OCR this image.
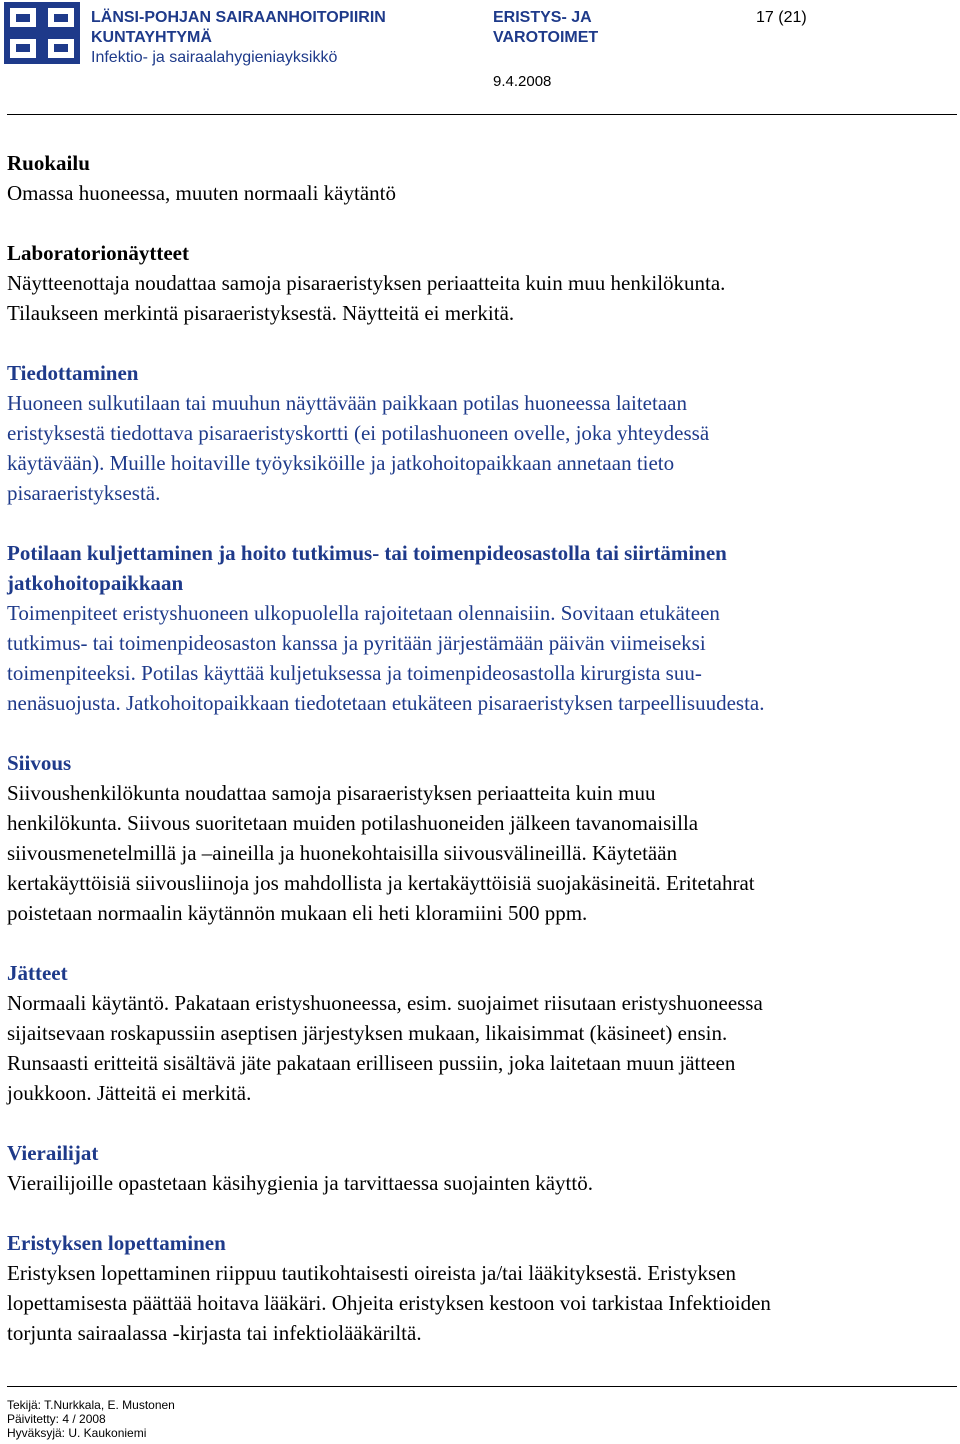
LÄNSI-POHJAN SAIRAANHOITOPIIRIN
KUNTAYHTYMÄ
Infektio- ja sairaalahygieniayksikkö
ERISTYS- JA
VAROTOIMET
17 (21)
9.4.2008
Ruokailu

Omassa huoneessa, muuten normaali käytäntö

Laboratorionäytteet

Näytteenottaja noudattaa samoja pisaraeristyksen periaatteita kuin muu henkilökunta.

Tilaukseen merkintä pisaraeristyksestä. Näytteitä ei merkitä.

Tiedottaminen

Huoneen sulkutilaan tai muuhun näyttävään paikkaan potilas huoneessa laitetaan

eristyksestä tiedottava pisaraeristyskortti (ei potilashuoneen ovelle, joka yhteydessä

käytävään). Muille hoitaville työyksiköille ja jatkohoitopaikkaan annetaan tieto

pisaraeristyksestä.

Potilaan kuljettaminen ja hoito tutkimus- tai toimenpideosastolla tai siirtäminen
jatkohoitopaikkaan

Toimenpiteet eristyshuoneen ulkopuolella rajoitetaan olennaisiin. Sovitaan etukäteen

tutkimus- tai toimenpideosaston kanssa ja pyritään järjestämään päivän viimeiseksi

toimenpiteeksi. Potilas käyttää kuljetuksessa ja toimenpideosastolla kirurgista suu-

nenäsuojusta. Jatkohoitopaikkaan tiedotetaan etukäteen pisaraeristyksen tarpeellisuudesta.

Siivous

Siivoushenkilökunta noudattaa samoja pisaraeristyksen periaatteita kuin muu

henkilökunta. Siivous suoritetaan muiden potilashuoneiden jälkeen tavanomaisilla

siivousmenetelmillä ja –aineilla ja huonekohtaisilla siivousvälineillä. Käytetään

kertakäyttöisiä siivousliinoja jos mahdollista ja kertakäyttöisiä suojakäsineitä. Eritetahrat

poistetaan normaalin käytännön mukaan eli heti kloramiini 500 ppm.

Jätteet

Normaali käytäntö. Pakataan eristyshuoneessa, esim. suojaimet riisutaan eristyshuoneessa

sijaitsevaan roskapussiin aseptisen järjestyksen mukaan, likaisimmat (käsineet) ensin.

Runsaasti eritteitä sisältävä jäte pakataan erilliseen pussiin, joka laitetaan muun jätteen

joukkoon. Jätteitä ei merkitä.

Vierailijat

Vierailijoille opastetaan käsihygienia ja tarvittaessa suojainten käyttö.

Eristyksen lopettaminen

Eristyksen lopettaminen riippuu tautikohtaisesti oireista ja/tai lääkityksestä. Eristyksen

lopettamisesta päättää hoitava lääkäri. Ohjeita eristyksen kestoon voi tarkistaa Infektioiden

torjunta sairaalassa -kirjasta tai infektiolääkäriltä.

Tekijä: T.Nurkkala, E. Mustonen
Päivitetty: 4 / 2008
Hyväksyjä: U. Kaukoniemi
